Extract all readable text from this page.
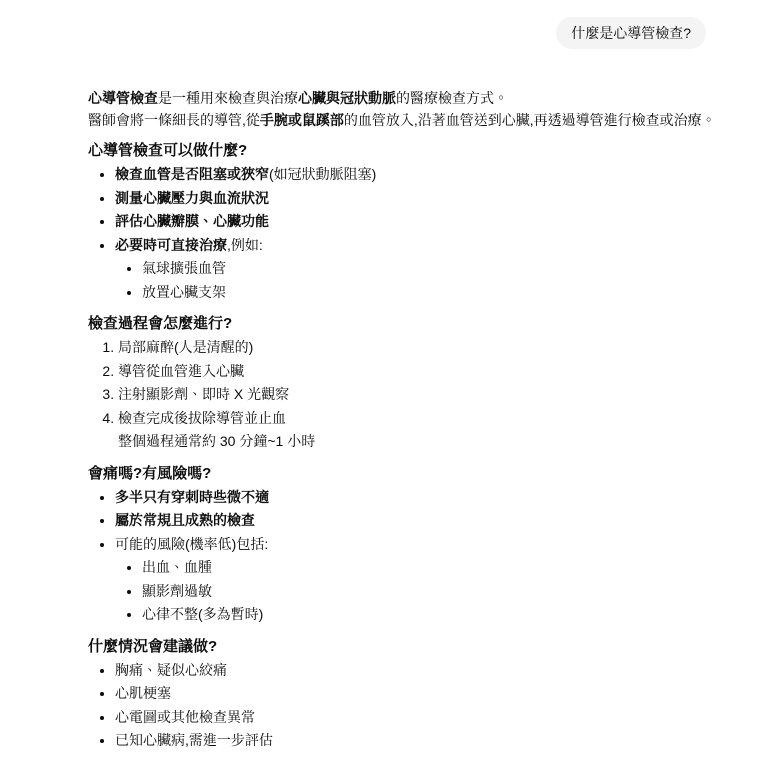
什麼是心導管檢查?

心導管檢查是一種用來檢查與治療心臟與冠狀動脈的醫療檢查方式。
醫師會將一條細長的導管,從手腕或鼠蹊部的血管放入,沿著血管送到心臟,再透過導管進行檢查或治療。

心導管檢查可以做什麼?
• 檢查血管是否阻塞或狹窄(如冠狀動脈阻塞)
• 測量心臟壓力與血流狀況
• 評估心臟瓣膜、心臟功能
• 必要時可直接治療,例如:
• 氣球擴張血管
• 放置心臟支架
檢查過程會怎麼進行?
1. 局部麻醉(人是清醒的)
2. 導管從血管進入心臟
3. 注射顯影劑、即時 X 光觀察
4. 檢查完成後拔除導管並止血
整個過程通常約 30 分鐘~1 小時
會痛嗎?有風險嗎?
• 多半只有穿刺時些微不適
• 屬於常規且成熟的檢查
• 可能的風險(機率低)包括:
• 出血、血腫
• 顯影劑過敏
• 心律不整(多為暫時)
什麼情況會建議做?
• 胸痛、疑似心絞痛
• 心肌梗塞
• 心電圖或其他檢查異常
• 已知心臟病,需進一步評估
